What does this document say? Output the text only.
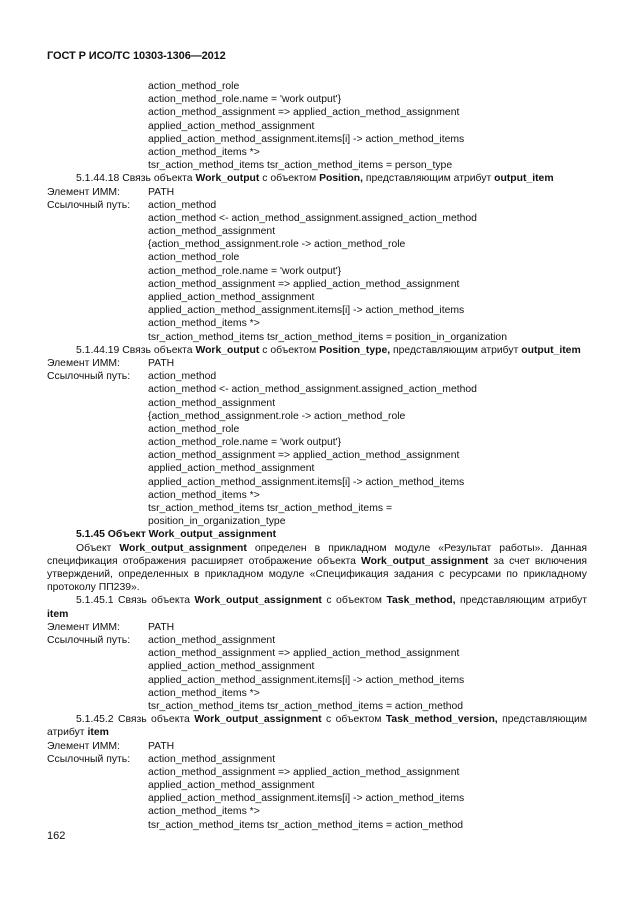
ГОСТ Р ИСО/ТС 10303-1306—2012
action_method_role
action_method_role.name = 'work output'}
action_method_assignment => applied_action_method_assignment
applied_action_method_assignment
applied_action_method_assignment.items[i] -> action_method_items
action_method_items *>
tsr_action_method_items tsr_action_method_items = person_type
5.1.44.18 Связь объекта Work_output с объектом Position, представляющим атрибут output_item
Элемент ИММ:	PATH
Ссылочный путь:	action_method
action_method <- action_method_assignment.assigned_action_method
action_method_assignment
{action_method_assignment.role -> action_method_role
action_method_role
action_method_role.name = 'work output'}
action_method_assignment => applied_action_method_assignment
applied_action_method_assignment
applied_action_method_assignment.items[i] -> action_method_items
action_method_items *>
tsr_action_method_items tsr_action_method_items = position_in_organization
5.1.44.19 Связь объекта Work_output с объектом Position_type, представляющим атрибут output_item
Элемент ИММ:	PATH
Ссылочный путь:	action_method
action_method <- action_method_assignment.assigned_action_method
action_method_assignment
{action_method_assignment.role -> action_method_role
action_method_role
action_method_role.name = 'work output'}
action_method_assignment => applied_action_method_assignment
applied_action_method_assignment
applied_action_method_assignment.items[i] -> action_method_items
action_method_items *>
tsr_action_method_items tsr_action_method_items =
position_in_organization_type
5.1.45 Объект Work_output_assignment
Объект Work_output_assignment определен в прикладном модуле «Результат работы». Данная спецификация отображения расширяет отображение объекта Work_output_assignment за счет включения утверждений, определенных в прикладном модуле «Спецификация задания с ресурсами по прикладному протоколу ПП239».
5.1.45.1 Связь объекта Work_output_assignment с объектом Task_method, представляющим атрибут item
Элемент ИММ:	PATH
Ссылочный путь:	action_method_assignment
action_method_assignment => applied_action_method_assignment
applied_action_method_assignment
applied_action_method_assignment.items[i] -> action_method_items
action_method_items *>
tsr_action_method_items tsr_action_method_items = action_method
5.1.45.2 Связь объекта Work_output_assignment с объектом Task_method_version, представляющим атрибут item
Элемент ИММ:	PATH
Ссылочный путь:	action_method_assignment
action_method_assignment => applied_action_method_assignment
applied_action_method_assignment
applied_action_method_assignment.items[i] -> action_method_items
action_method_items *>
tsr_action_method_items tsr_action_method_items = action_method
162
